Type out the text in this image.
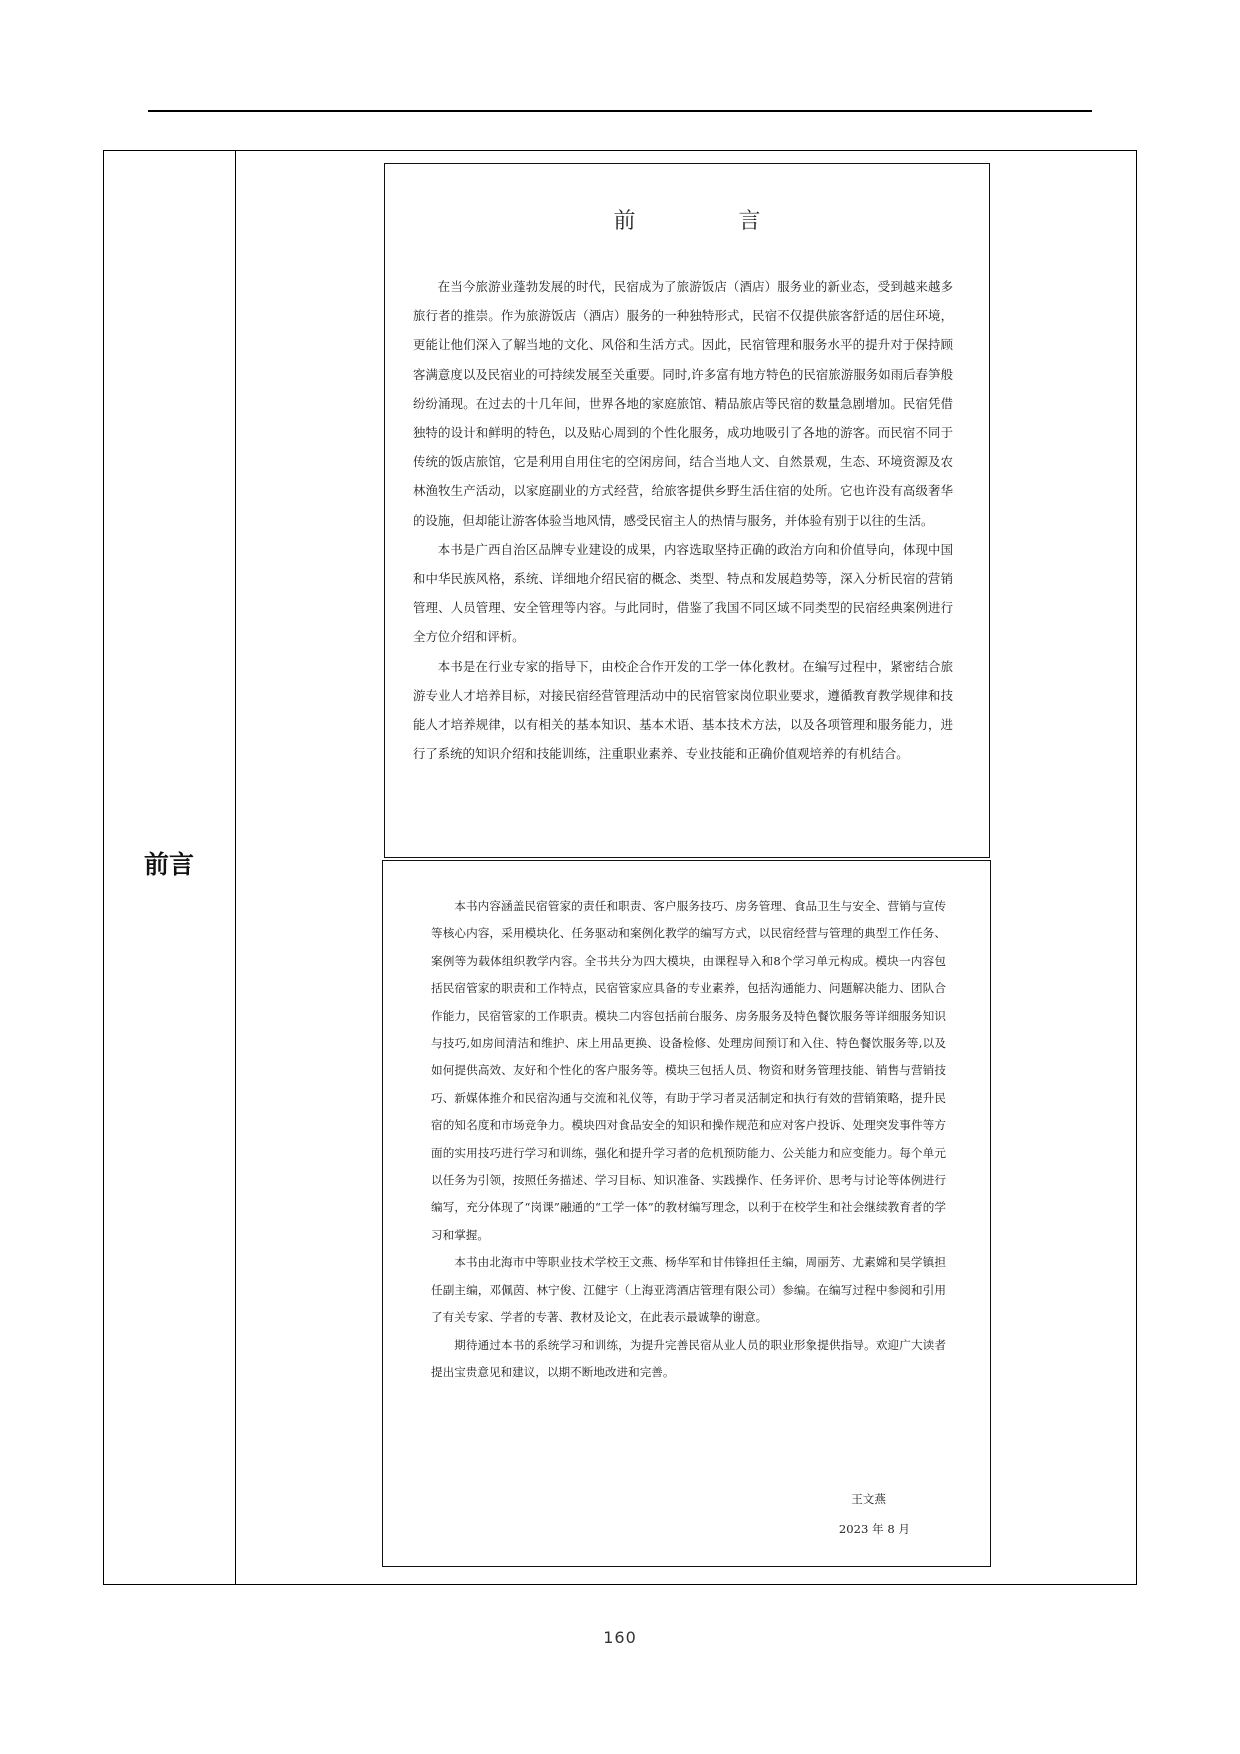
前言
前 言

在当今旅游业蓬勃发展的时代，民宿成为了旅游饭店（酒店）服务业的新业态，受到越来越多旅行者的推崇。作为旅游饭店（酒店）服务的一种独特形式，民宿不仅提供旅客舒适的居住环境，更能让他们深入了解当地的文化、风俗和生活方式。因此，民宿管理和服务水平的提升对于保持顾客满意度以及民宿业的可持续发展至关重要。同时,许多富有地方特色的民宿旅游服务如雨后春笋般纷纷涌现。在过去的十几年间，世界各地的家庭旅馆、精品旅店等民宿的数量急剧增加。民宿凭借独特的设计和鲜明的特色，以及贴心周到的个性化服务，成功地吸引了各地的游客。而民宿不同于传统的饭店旅馆，它是利用自用住宅的空闲房间，结合当地人文、自然景观，生态、环境资源及农林渔牧生产活动，以家庭副业的方式经营，给旅客提供乡野生活住宿的处所。它也许没有高级奢华的设施，但却能让游客体验当地风情，感受民宿主人的热情与服务，并体验有别于以往的生活。

本书是广西自治区品牌专业建设的成果，内容选取坚持正确的政治方向和价值导向，体现中国和中华民族风格，系统、详细地介绍民宿的概念、类型、特点和发展趋势等，深入分析民宿的营销管理、人员管理、安全管理等内容。与此同时，借鉴了我国不同区域不同类型的民宿经典案例进行全方位介绍和评析。

本书是在行业专家的指导下，由校企合作开发的工学一体化教材。在编写过程中，紧密结合旅游专业人才培养目标，对接民宿经营管理活动中的民宿管家岗位职业要求，遵循教育教学规律和技能人才培养规律，以有相关的基本知识、基本术语、基本技术方法，以及各项管理和服务能力，进行了系统的知识介绍和技能训练，注重职业素养、专业技能和正确价值观培养的有机结合。

本书内容涵盖民宿管家的责任和职责、客户服务技巧、房务管理、食品卫生与安全、营销与宣传等核心内容，采用模块化、任务驱动和案例化教学的编写方式，以民宿经营与管理的典型工作任务、案例等为载体组织教学内容。全书共分为四大模块，由课程导入和8个学习单元构成。模块一内容包括民宿管家的职责和工作特点，民宿管家应具备的专业素养，包括沟通能力、问题解决能力、团队合作能力，民宿管家的工作职责。模块二内容包括前台服务、房务服务及特色餐饮服务等详细服务知识与技巧,如房间清洁和维护、床上用品更换、设备检修、处理房间预订和入住、特色餐饮服务等,以及如何提供高效、友好和个性化的客户服务等。模块三包括人员、物资和财务管理技能、销售与营销技巧、新媒体推介和民宿沟通与交流和礼仪等，有助于学习者灵活制定和执行有效的营销策略，提升民宿的知名度和市场竞争力。模块四对食品安全的知识和操作规范和应对客户投诉、处理突发事件等方面的实用技巧进行学习和训练，强化和提升学习者的危机预防能力、公关能力和应变能力。每个单元以任务为引领，按照任务描述、学习目标、知识准备、实践操作、任务评价、思考与讨论等体例进行编写，充分体现了“岗课”融通的“工学一体”的教材编写理念，以利于在校学生和社会继续教育者的学习和掌握。

本书由北海市中等职业技术学校王文燕、杨华军和甘伟锋担任主编，周丽芳、尤素嫦和吴学镇担任副主编，邓佩茵、林宁俊、江健宇（上海亚湾酒店管理有限公司）参编。在编写过程中参阅和引用了有关专家、学者的专著、教材及论文，在此表示最诚挚的谢意。

期待通过本书的系统学习和训练，为提升完善民宿从业人员的职业形象提供指导。欢迎广大读者提出宝贵意见和建议，以期不断地改进和完善。

王文燕
2023 年 8 月
160
